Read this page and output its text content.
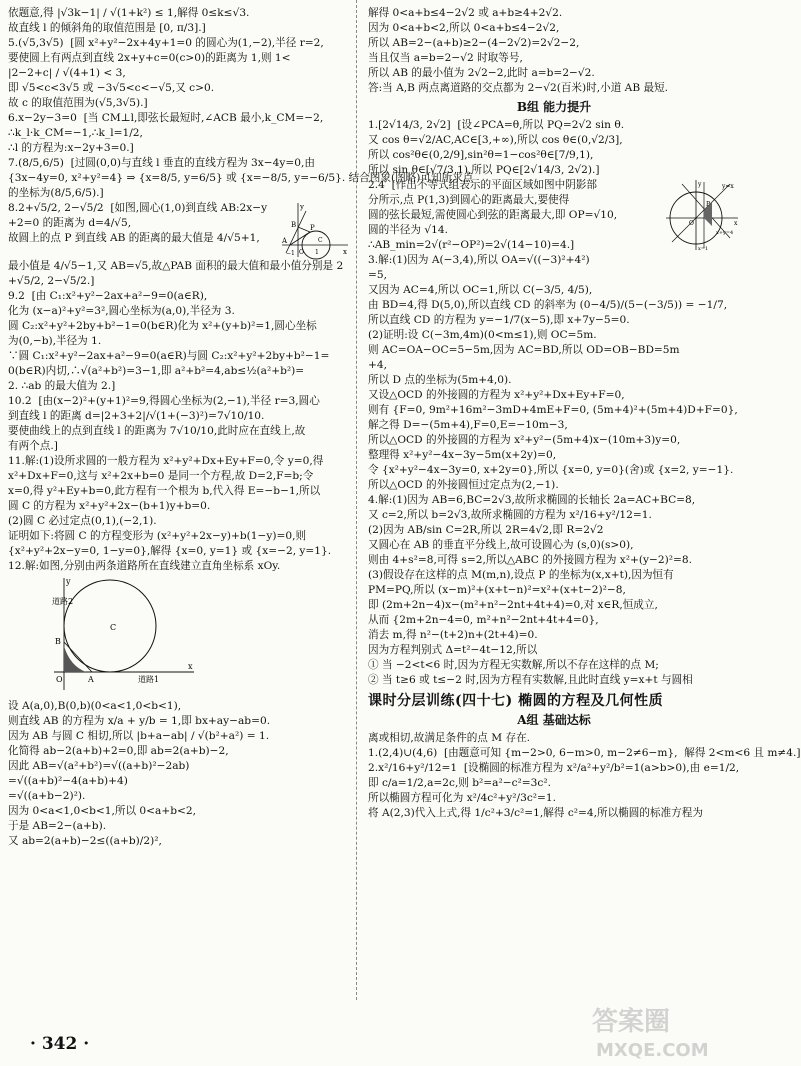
依题意,得 |√3k−1| / √(1+k²) ≤ 1,解得 0≤k≤√3.
故直线 l 的倾斜角的取值范围是 [0, π/3].]
5.(√5,3√5)  [圆 x²+y²−2x+4y+1=0 的圆心为(1,−2),半径 r=2,
要使圆上有两点到直线 2x+y+c=0(c>0)的距离为 1,则 1<
|2−2+c| / √(4+1) < 3,
即 √5<c<3√5 或 −3√5<c<−√5,又 c>0.
故 c 的取值范围为(√5,3√5).]
6.x−2y−3=0  [当 CM⊥l,即弦长最短时,∠ACB 最小,k_CM=−2,
∴k_l·k_CM=−1,∴k_l=1/2,
∴l 的方程为:x−2y+3=0.]
7.(8/5,6/5)  [过圆(0,0)与直线 l 垂直的直线方程为 3x−4y=0,由
{3x−4y=0, x²+y²=4} ⇒ {x=8/5, y=6/5} 或 {x=−8/5, y=−6/5}. 结合图象(图略)可知所求点
的坐标为(8/5,6/5).]
8.2+√5/2, 2−√5/2  [如图,圆心(1,0)到直线 AB:2x−y
+2=0 的距离为 d=4/√5,
故圆上的点 P 到直线 AB 的距离的最大值是 4/√5+1,
y
B P
A
−1 O 1	x
C
最小值是 4/√5−1,又 AB=√5,故△PAB 面积的最大值和最小值分别是 2
+√5/2, 2−√5/2.]
9.2  [由 C₁:x²+y²−2ax+a²−9=0(a∈R),
化为 (x−a)²+y²=3²,圆心坐标为(a,0),半径为 3.
圆 C₂:x²+y²+2by+b²−1=0(b∈R)化为 x²+(y+b)²=1,圆心坐标
为(0,−b),半径为 1.
∵圆 C₁:x²+y²−2ax+a²−9=0(a∈R)与圆 C₂:x²+y²+2by+b²−1=
0(b∈R)内切,∴√(a²+b²)=3−1,即 a²+b²=4,ab≤½(a²+b²)=
2. ∴ab 的最大值为 2.]
10.2  [由(x−2)²+(y+1)²=9,得圆心坐标为(2,−1),半径 r=3,圆心
到直线 l 的距离 d=|2+3+2|/√(1+(−3)²)=7√10/10.
要使曲线上的点到直线 l 的距离为 7√10/10,此时应在直线上,故
有两个点.]
11.解:(1)设所求圆的一般方程为 x²+y²+Dx+Ey+F=0,令 y=0,得
x²+Dx+F=0,这与 x²+2x+b=0 是同一个方程,故 D=2,F=b;令
x=0,得 y²+Ey+b=0,此方程有一个根为 b,代入得 E=−b−1,所以
圆 C 的方程为 x²+y²+2x−(b+1)y+b=0.
(2)圆 C 必过定点(0,1),(−2,1).
证明如下:将圆 C 的方程变形为 (x²+y²+2x−y)+b(1−y)=0,则
{x²+y²+2x−y=0, 1−y=0},解得 {x=0, y=1} 或 {x=−2, y=1}.
12.解:如图,分别由两条道路所在直线建立直角坐标系 xOy.
y
道路2
B
C
O	A	道路1
x
设 A(a,0),B(0,b)(0<a<1,0<b<1),
则直线 AB 的方程为 x/a + y/b = 1,即 bx+ay−ab=0.
因为 AB 与圆 C 相切,所以 |b+a−ab| / √(b²+a²) = 1.
化简得 ab−2(a+b)+2=0,即 ab=2(a+b)−2,
因此 AB=√(a²+b²)=√((a+b)²−2ab)
=√((a+b)²−4(a+b)+4)
=√((a+b−2)²).
因为 0<a<1,0<b<1,所以 0<a+b<2,
于是 AB=2−(a+b).
又 ab=2(a+b)−2≤((a+b)/2)²,
解得 0<a+b≤4−2√2 或 a+b≥4+2√2.
因为 0<a+b<2,所以 0<a+b≤4−2√2,
所以 AB=2−(a+b)≥2−(4−2√2)=2√2−2,
当且仅当 a=b=2−√2 时取等号,
所以 AB 的最小值为 2√2−2,此时 a=b=2−√2.
答:当 A,B 两点离道路的交点都为 2−√2(百米)时,小道 AB 最短.
B组 能力提升
1.[2√14/3, 2√2]  [设∠PCA=θ,所以 PQ=2√2 sin θ.
又 cos θ=√2/AC,AC∈[3,+∞),所以 cos θ∈(0,√2/3],
所以 cos²θ∈(0,2/9],sin²θ=1−cos²θ∈[7/9,1),
所以 sin θ∈[√7/3,1),所以 PQ∈[2√14/3, 2√2).]
2.4  [作出不等式组表示的平面区域如图中阴影部
分所示,点 P(1,3)到圆心的距离最大,要使得
圆的弦长最短,需使圆心到弦的距离最大,即 OP=√10,
圆的半径为 √14.
∴AB_min=2√(r²−OP²)=2√(14−10)=4.]
y	y=x
P
O
x+y=4
x
x=1
3.解:(1)因为 A(−3,4),所以 OA=√((−3)²+4²)
=5,
又因为 AC=4,所以 OC=1,所以 C(−3/5, 4/5),
由 BD=4,得 D(5,0),所以直线 CD 的斜率为 (0−4/5)/(5−(−3/5)) = −1/7,
所以直线 CD 的方程为 y=−1/7(x−5),即 x+7y−5=0.
(2)证明:设 C(−3m,4m)(0<m≤1),则 OC=5m.
则 AC=OA−OC=5−5m,因为 AC=BD,所以 OD=OB−BD=5m
+4,
所以 D 点的坐标为(5m+4,0).
又设△OCD 的外接圆的方程为 x²+y²+Dx+Ey+F=0,
则有 {F=0, 9m²+16m²−3mD+4mE+F=0, (5m+4)²+(5m+4)D+F=0},
解之得 D=−(5m+4),F=0,E=−10m−3,
所以△OCD 的外接圆的方程为 x²+y²−(5m+4)x−(10m+3)y=0,
整理得 x²+y²−4x−3y−5m(x+2y)=0,
令 {x²+y²−4x−3y=0, x+2y=0},所以 {x=0, y=0}(舍)或 {x=2, y=−1}.
所以△OCD 的外接圆恒过定点为(2,−1).
4.解:(1)因为 AB=6,BC=2√3,故所求椭圆的长轴长 2a=AC+BC=8,
又 c=2,所以 b=2√3,故所求椭圆的方程为 x²/16+y²/12=1.
(2)因为 AB/sin C=2R,所以 2R=4√2,即 R=2√2
又圆心在 AB 的垂直平分线上,故可设圆心为 (s,0)(s>0),
则由 4+s²=8,可得 s=2,所以△ABC 的外接圆方程为 x²+(y−2)²=8.
(3)假设存在这样的点 M(m,n),设点 P 的坐标为(x,x+t),因为恒有
PM=PQ,所以 (x−m)²+(x+t−n)²=x²+(x+t−2)²−8,
即 (2m+2n−4)x−(m²+n²−2nt+4t+4)=0,对 x∈R,恒成立,
从而 {2m+2n−4=0, m²+n²−2nt+4t+4=0},
消去 m,得 n²−(t+2)n+(2t+4)=0.
因为方程判别式 Δ=t²−4t−12,所以
① 当 −2<t<6 时,因为方程无实数解,所以不存在这样的点 M;
② 当 t≥6 或 t≤−2 时,因为方程有实数解,且此时直线 y=x+t 与圆相
课时分层训练(四十七) 椭圆的方程及几何性质
A组 基础达标
离或相切,故满足条件的点 M 存在.
1.(2,4)∪(4,6)  [由题意可知 {m−2>0, 6−m>0, m−2≠6−m},  解得 2<m<6 且 m≠4.]
2.x²/16+y²/12=1  [设椭圆的标准方程为 x²/a²+y²/b²=1(a>b>0),由 e=1/2,
即 c/a=1/2,a=2c,则 b²=a²−c²=3c².
所以椭圆方程可化为 x²/4c²+y²/3c²=1.
将 A(2,3)代入上式,得 1/c²+3/c²=1,解得 c²=4,所以椭圆的标准方程为
· 342 ·
答案圈
MXQE.COM
